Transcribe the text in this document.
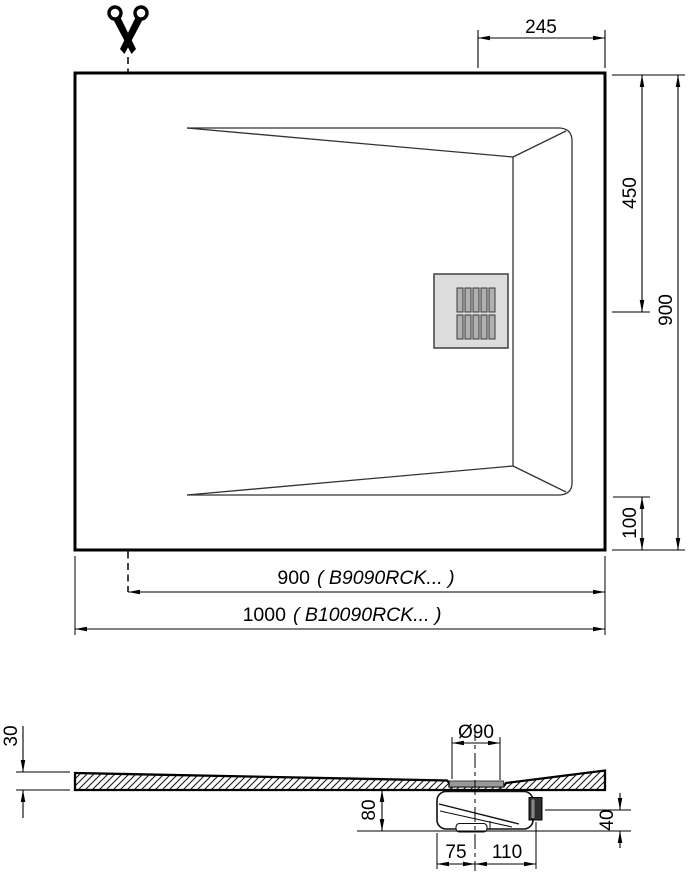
245
450
900
100
900 ( B9090RCK... )
1000 ( B10090RCK... )
30	Ø90
80	40
75 110
